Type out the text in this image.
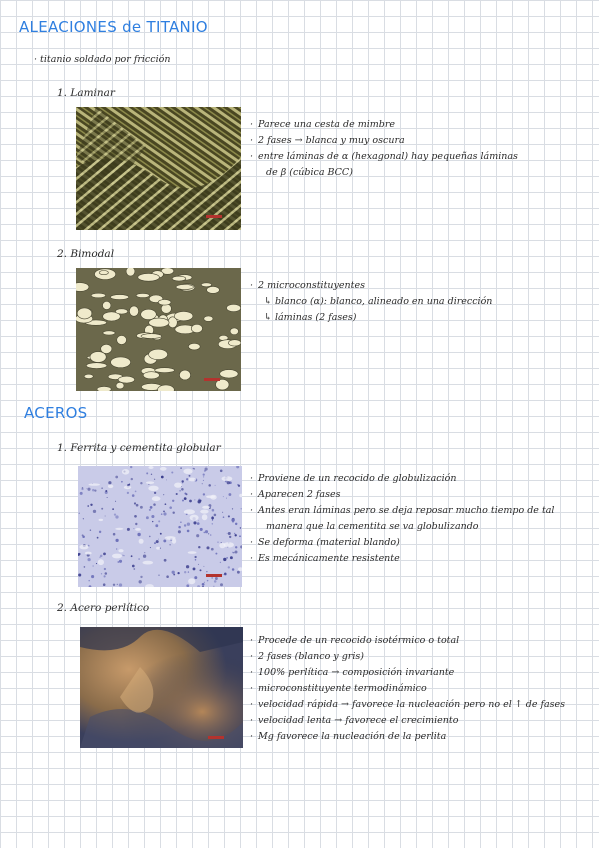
ALEACIONES de TITANIO
· titanio soldado por fricción
1. Laminar
· Parece una cesta de mimbre
· 2 fases → blanca y muy oscura
· entre láminas de α (hexagonal) hay pequeñas láminas
de β (cúbica BCC)
2. Bimodal
· 2 microconstituyentes
↳ blanco (α): blanco, alineado en una dirección
↳ láminas (2 fases)
ACEROS
1. Ferrita y cementita globular
· Proviene de un recocido de globulización
· Aparecen 2 fases
· Antes eran láminas pero se deja reposar mucho tiempo de tal
manera que la cementita se va globulizando
· Se deforma (material blando)
· Es mecánicamente resistente
2. Acero perlítico
· Procede de un recocido isotérmico o total
· 2 fases (blanco y gris)
· 100% perlítica → composición invariante
· microconstituyente termodinámico
· velocidad rápida → favorece la nucleación pero no el ↑ de fases
· velocidad lenta → favorece el crecimiento
· Mg favorece la nucleación de la perlita
